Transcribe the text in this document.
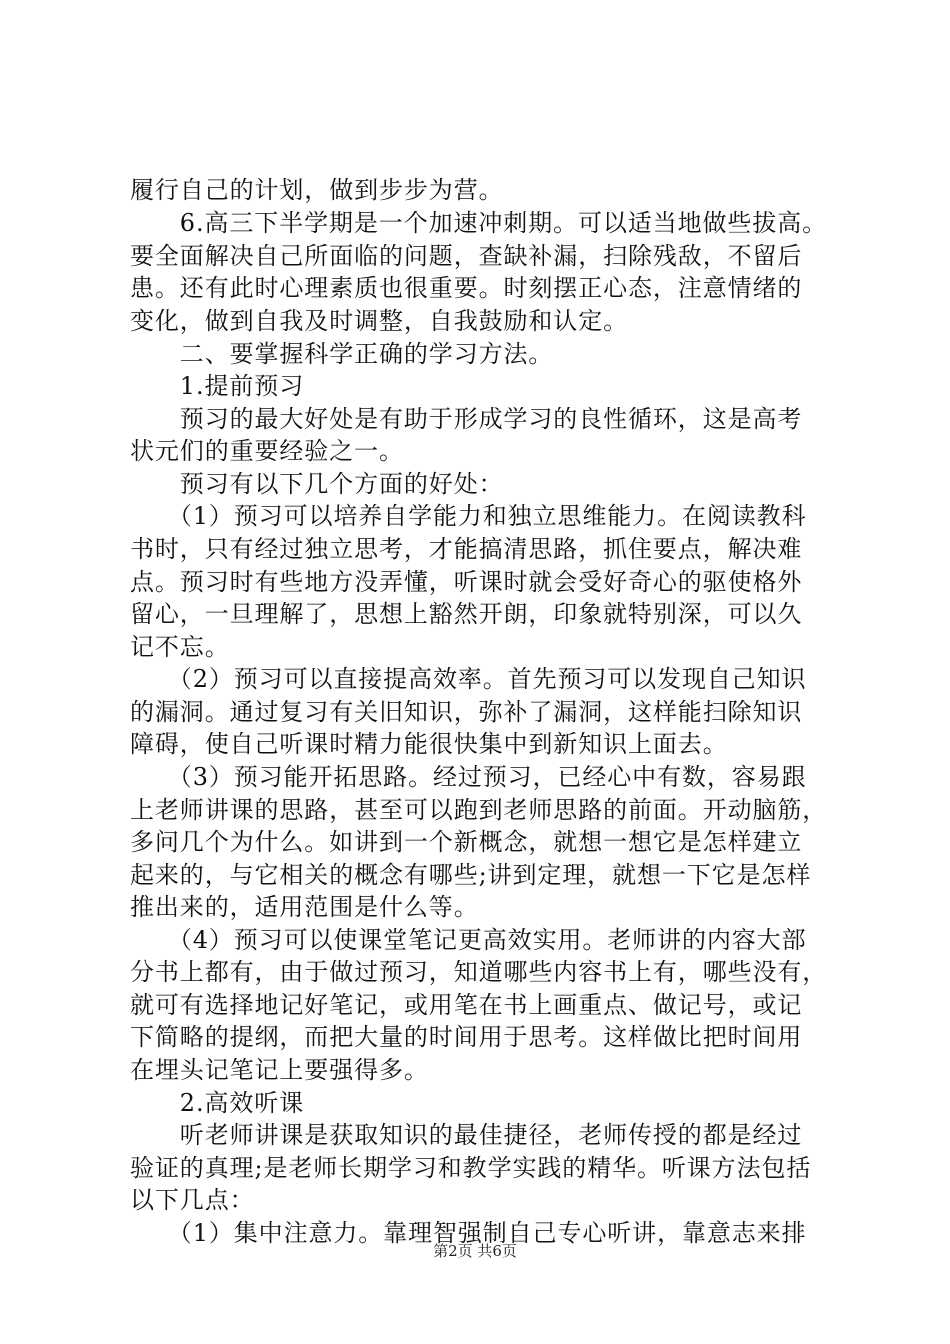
履行自己的计划，做到步步为营。
　　6.高三下半学期是一个加速冲刺期。可以适当地做些拔高。
要全面解决自己所面临的问题，查缺补漏，扫除残敌，不留后
患。还有此时心理素质也很重要。时刻摆正心态，注意情绪的
变化，做到自我及时调整，自我鼓励和认定。
　　二、要掌握科学正确的学习方法。
　　1.提前预习
　　预习的最大好处是有助于形成学习的良性循环，这是高考
状元们的重要经验之一。
　　预习有以下几个方面的好处：
　　（1）预习可以培养自学能力和独立思维能力。在阅读教科
书时，只有经过独立思考，才能搞清思路，抓住要点，解决难
点。预习时有些地方没弄懂，听课时就会受好奇心的驱使格外
留心，一旦理解了，思想上豁然开朗，印象就特别深，可以久
记不忘。
　　（2）预习可以直接提高效率。首先预习可以发现自己知识
的漏洞。通过复习有关旧知识，弥补了漏洞，这样能扫除知识
障碍，使自己听课时精力能很快集中到新知识上面去。
　　（3）预习能开拓思路。经过预习，已经心中有数，容易跟
上老师讲课的思路，甚至可以跑到老师思路的前面。开动脑筋，
多问几个为什么。如讲到一个新概念，就想一想它是怎样建立
起来的，与它相关的概念有哪些;讲到定理，就想一下它是怎样
推出来的，适用范围是什么等。
　　（4）预习可以使课堂笔记更高效实用。老师讲的内容大部
分书上都有，由于做过预习，知道哪些内容书上有，哪些没有，
就可有选择地记好笔记，或用笔在书上画重点、做记号，或记
下简略的提纲，而把大量的时间用于思考。这样做比把时间用
在埋头记笔记上要强得多。
　　2.高效听课
　　听老师讲课是获取知识的最佳捷径，老师传授的都是经过
验证的真理;是老师长期学习和教学实践的精华。听课方法包括
以下几点：
　　（1）集中注意力。靠理智强制自己专心听讲，靠意志来排
第2页 共6页
